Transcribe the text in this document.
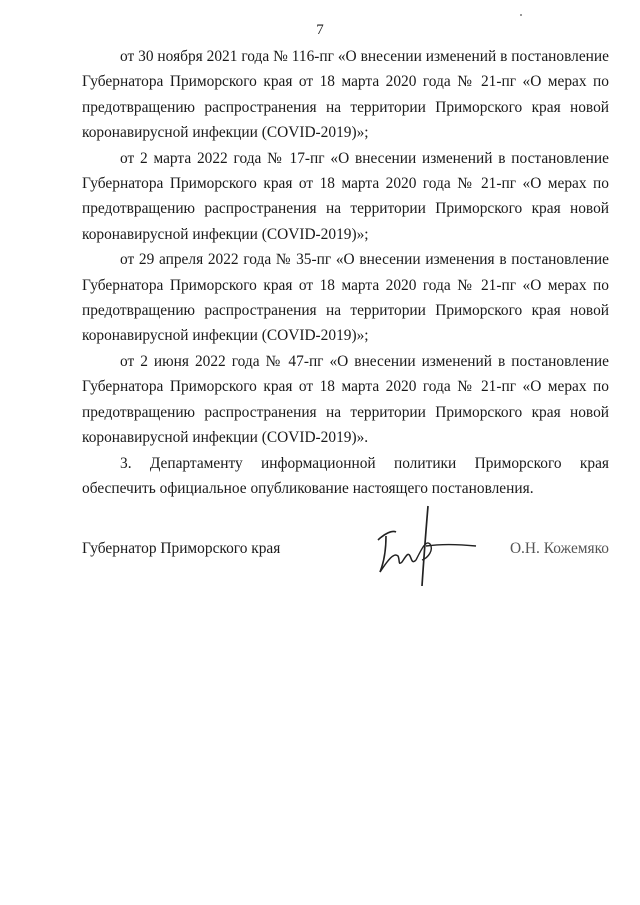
7

от 30 ноября 2021 года № 116-пг «О внесении изменений в постановление Губернатора Приморского края от 18 марта 2020 года № 21-пг «О мерах по предотвращению распространения на территории Приморского края новой коронавирусной инфекции (COVID-2019)»;

от 2 марта 2022 года № 17-пг «О внесении изменений в постановление Губернатора Приморского края от 18 марта 2020 года № 21-пг «О мерах по предотвращению распространения на территории Приморского края новой коронавирусной инфекции (COVID-2019)»;

от 29 апреля 2022 года № 35-пг «О внесении изменения в постановление Губернатора Приморского края от 18 марта 2020 года № 21-пг «О мерах по предотвращению распространения на территории Приморского края новой коронавирусной инфекции (COVID-2019)»;

от 2 июня 2022 года № 47-пг «О внесении изменений в постановление Губернатора Приморского края от 18 марта 2020 года № 21-пг «О мерах по предотвращению распространения на территории Приморского края новой коронавирусной инфекции (COVID-2019)».

3. Департаменту информационной политики Приморского края обеспечить официальное опубликование настоящего постановления.

Губернатор Приморского края	О.Н. Кожемяко
